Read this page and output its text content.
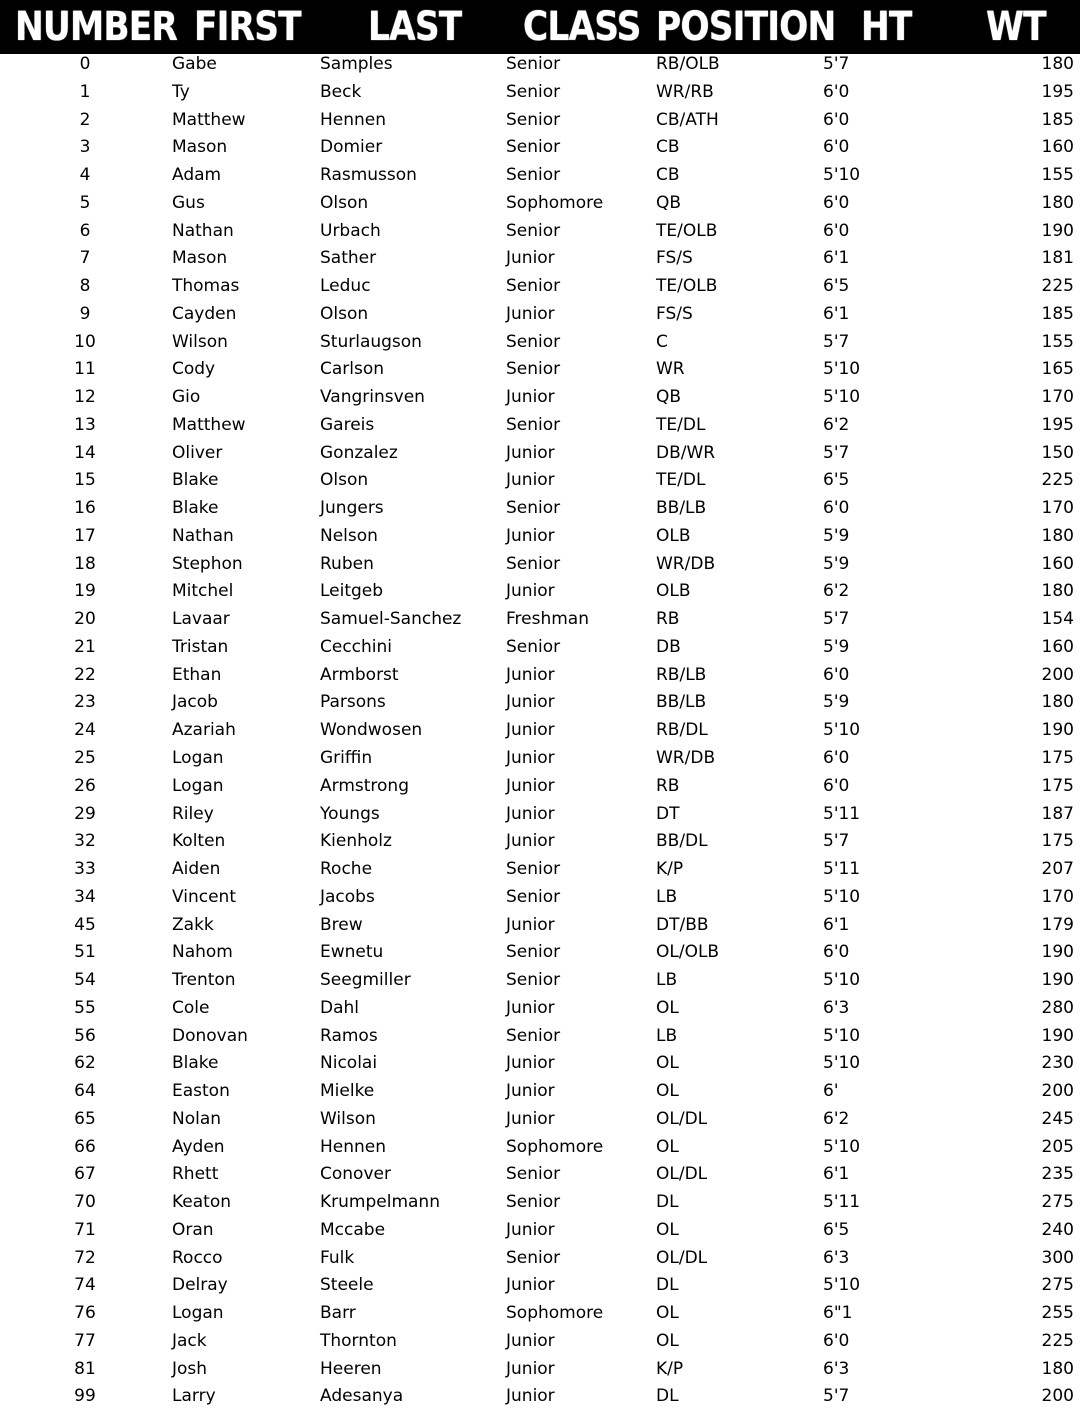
NUMBER FIRST LAST CLASS POSITION HT WT
0	Gabe	Samples	Senior	RB/OLB	5'7	180
1	Ty	Beck	Senior	WR/RB	6'0	195
2	Matthew	Hennen	Senior	CB/ATH	6'0	185
3	Mason	Domier	Senior	CB	6'0	160
4	Adam	Rasmusson	Senior	CB	5'10	155
5	Gus	Olson	Sophomore	QB	6'0	180
6	Nathan	Urbach	Senior	TE/OLB	6'0	190
7	Mason	Sather	Junior	FS/S	6'1	181
8	Thomas	Leduc	Senior	TE/OLB	6'5	225
9	Cayden	Olson	Junior	FS/S	6'1	185
10	Wilson	Sturlaugson	Senior	C	5'7	155
11	Cody	Carlson	Senior	WR	5'10	165
12	Gio	Vangrinsven	Junior	QB	5'10	170
13	Matthew	Gareis	Senior	TE/DL	6'2	195
14	Oliver	Gonzalez	Junior	DB/WR	5'7	150
15	Blake	Olson	Junior	TE/DL	6'5	225
16	Blake	Jungers	Senior	BB/LB	6'0	170
17	Nathan	Nelson	Junior	OLB	5'9	180
18	Stephon	Ruben	Senior	WR/DB	5'9	160
19	Mitchel	Leitgeb	Junior	OLB	6'2	180
20	Lavaar	Samuel-Sanchez	Freshman	RB	5'7	154
21	Tristan	Cecchini	Senior	DB	5'9	160
22	Ethan	Armborst	Junior	RB/LB	6'0	200
23	Jacob	Parsons	Junior	BB/LB	5'9	180
24	Azariah	Wondwosen	Junior	RB/DL	5'10	190
25	Logan	Griffin	Junior	WR/DB	6'0	175
26	Logan	Armstrong	Junior	RB	6'0	175
29	Riley	Youngs	Junior	DT	5'11	187
32	Kolten	Kienholz	Junior	BB/DL	5'7	175
33	Aiden	Roche	Senior	K/P	5'11	207
34	Vincent	Jacobs	Senior	LB	5'10	170
45	Zakk	Brew	Junior	DT/BB	6'1	179
51	Nahom	Ewnetu	Senior	OL/OLB	6'0	190
54	Trenton	Seegmiller	Senior	LB	5'10	190
55	Cole	Dahl	Junior	OL	6'3	280
56	Donovan	Ramos	Senior	LB	5'10	190
62	Blake	Nicolai	Junior	OL	5'10	230
64	Easton	Mielke	Junior	OL	6'	200
65	Nolan	Wilson	Junior	OL/DL	6'2	245
66	Ayden	Hennen	Sophomore	OL	5'10	205
67	Rhett	Conover	Senior	OL/DL	6'1	235
70	Keaton	Krumpelmann	Senior	DL	5'11	275
71	Oran	Mccabe	Junior	OL	6'5	240
72	Rocco	Fulk	Senior	OL/DL	6'3	300
74	Delray	Steele	Junior	DL	5'10	275
76	Logan	Barr	Sophomore	OL	6"1	255
77	Jack	Thornton	Junior	OL	6'0	225
81	Josh	Heeren	Junior	K/P	6'3	180
99	Larry	Adesanya	Junior	DL	5'7	200
